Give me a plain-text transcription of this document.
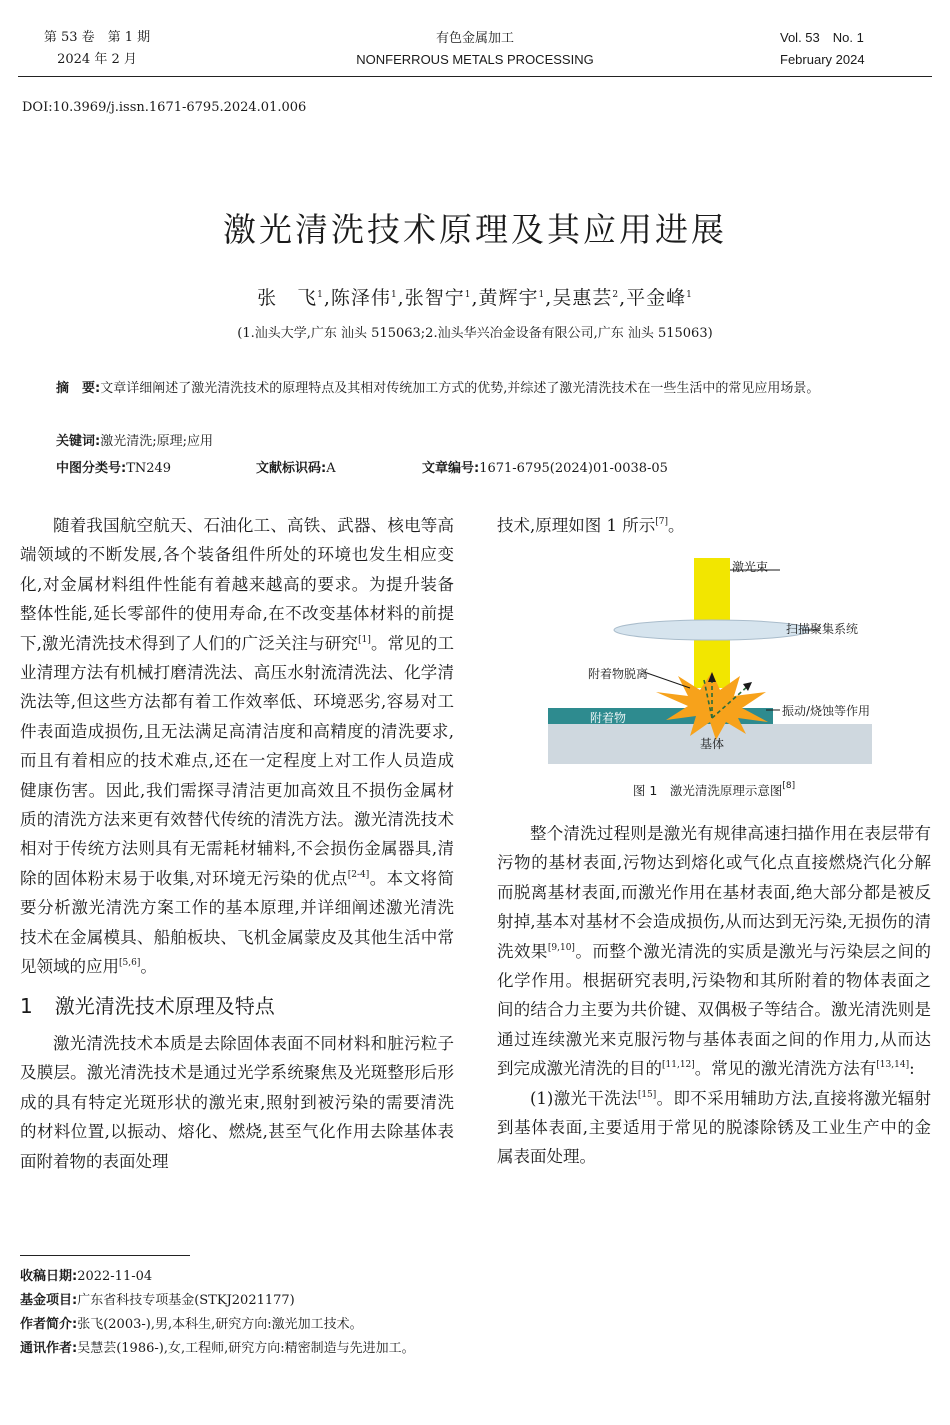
第 53 卷　第 1 期
2024 年 2 月
有色金属加工
NONFERROUS METALS PROCESSING
Vol. 53　No. 1
February 2024
DOI:10.3969/j.issn.1671-6795.2024.01.006
激光清洗技术原理及其应用进展
张　飞$^1$,陈泽伟$^1$,张智宁$^1$,黄辉宇$^1$,吴惠芸$^2$,平金峰$^1$
(1.汕头大学,广东 汕头 515063;2.汕头华兴冶金设备有限公司,广东 汕头 515063)
摘　要:文章详细阐述了激光清洗技术的原理特点及其相对传统加工方式的优势,并综述了激光清洗技术在一些生活中的常见应用场景。
关键词:激光清洗;原理;应用
中图分类号:TN249	文献标识码:A	文章编号:1671-6795(2024)01-0038-05

随着我国航空航天、石油化工、高铁、武器、核电等高端领域的不断发展,各个装备组件所处的环境也发生相应变化,对金属材料组件性能有着越来越高的要求。为提升装备整体性能,延长零部件的使用寿命,在不改变基体材料的前提下,激光清洗技术得到了人们的广泛关注与研究[1]。常见的工业清理方法有机械打磨清洗法、高压水射流清洗法、化学清洗法等,但这些方法都有着工作效率低、环境恶劣,容易对工件表面造成损伤,且无法满足高清洁度和高精度的清洗要求,而且有着相应的技术难点,还在一定程度上对工作人员造成健康伤害。因此,我们需探寻清洁更加高效且不损伤金属材质的清洗方法来更有效替代传统的清洗方法。激光清洗技术相对于传统方法则具有无需耗材辅料,不会损伤金属器具,清除的固体粉末易于收集,对环境无污染的优点[2-4]。本文将简要分析激光清洗方案工作的基本原理,并详细阐述激光清洗技术在金属模具、船舶板块、飞机金属蒙皮及其他生活中常见领域的应用[5,6]。

1 激光清洗技术原理及特点

激光清洗技术本质是去除固体表面不同材料和脏污粒子及膜层。激光清洗技术是通过光学系统聚焦及光斑整形后形成的具有特定光斑形状的激光束,照射到被污染的需要清洗的材料位置,以振动、熔化、燃烧,甚至气化作用去除基体表面附着物的表面处理

技术,原理如图 1 所示[7]。
激光束
扫描聚集系统
附着物脱离
振动/烧蚀等作用
附着物
基体
图 1　激光清洗原理示意图[8]

整个清洗过程则是激光有规律高速扫描作用在表层带有污物的基材表面,污物达到熔化或气化点直接燃烧汽化分解而脱离基材表面,而激光作用在基材表面,绝大部分都是被反射掉,基本对基材不会造成损伤,从而达到无污染,无损伤的清洗效果[9,10]。而整个激光清洗的实质是激光与污染层之间的化学作用。根据研究表明,污染物和其所附着的物体表面之间的结合力主要为共价键、双偶极子等结合。激光清洗则是通过连续激光来克服污物与基体表面之间的作用力,从而达到完成激光清洗的目的[11,12]。常见的激光清洗方法有[13,14]:

(1)激光干洗法[15]。即不采用辅助方法,直接将激光辐射到基体表面,主要适用于常见的脱漆除锈及工业生产中的金属表面处理。

收稿日期:2022-11-04
基金项目:广东省科技专项基金(STKJ2021177)
作者简介:张飞(2003-),男,本科生,研究方向:激光加工技术。
通讯作者:吴慧芸(1986-),女,工程师,研究方向:精密制造与先进加工。
